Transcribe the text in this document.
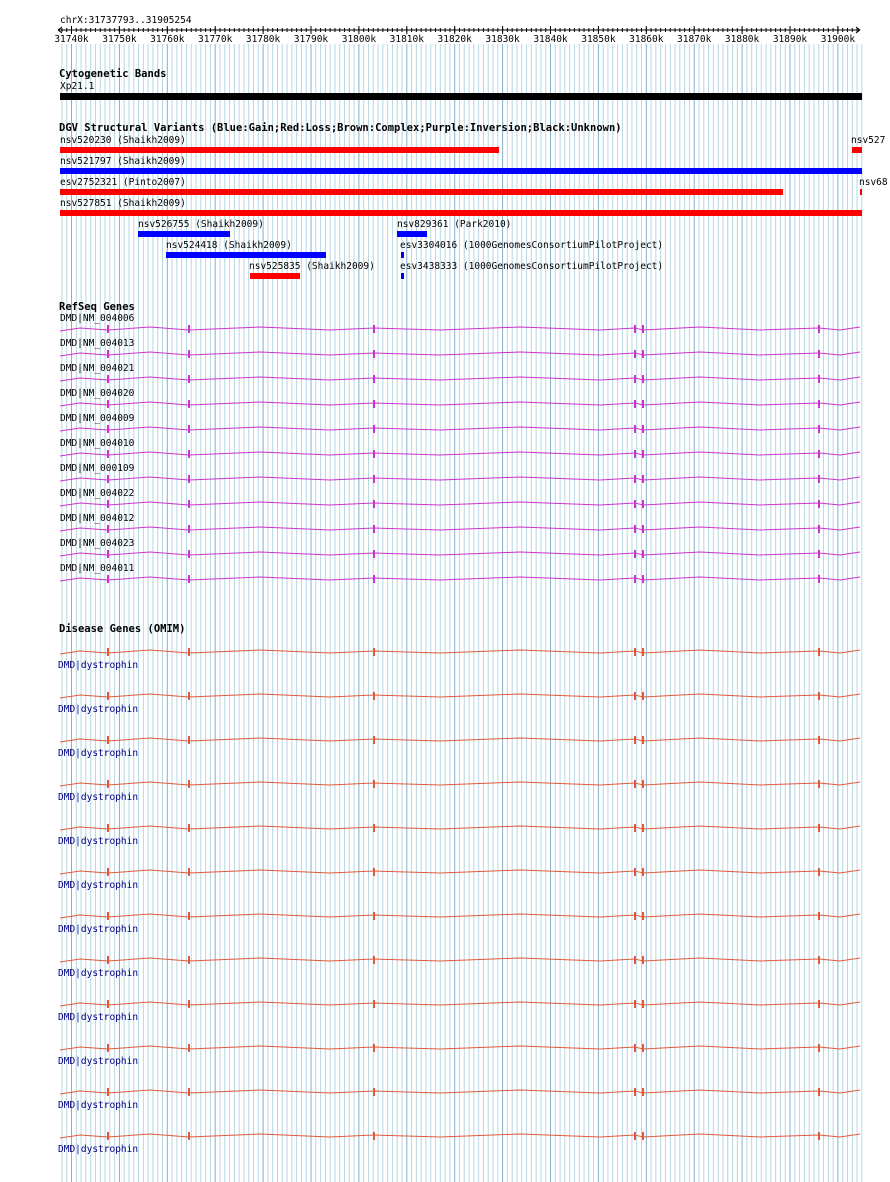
chrX:31737793..31905254
31740k 31750k 31760k 31770k 31780k 31790k 31800k 31810k 31820k 31830k 31840k 31850k 31860k 31870k 31880k 31890k 31900k
Cytogenetic Bands
Xp21.1
DGV Structural Variants (Blue:Gain;Red:Loss;Brown:Complex;Purple:Inversion;Black:Unknown)
nsv520230 (Shaikh2009)	nsv527
nsv521797 (Shaikh2009)
esv2752321 (Pinto2007)	nsv68
nsv527851 (Shaikh2009)
nsv526755 (Shaikh2009)	nsv829361 (Park2010)
nsv524418 (Shaikh2009)	esv3304016 (1000GenomesConsortiumPilotProject)
nsv525835 (Shaikh2009)	esv3438333 (1000GenomesConsortiumPilotProject)
RefSeq Genes
DMD|NM_004006
DMD|NM_004013
DMD|NM_004021
DMD|NM_004020
DMD|NM_004009
DMD|NM_004010
DMD|NM_000109
DMD|NM_004022
DMD|NM_004012
DMD|NM_004023
DMD|NM_004011
Disease Genes (OMIM)
DMD|dystrophin
DMD|dystrophin
DMD|dystrophin
DMD|dystrophin
DMD|dystrophin
DMD|dystrophin
DMD|dystrophin
DMD|dystrophin
DMD|dystrophin
DMD|dystrophin
DMD|dystrophin
DMD|dystrophin
